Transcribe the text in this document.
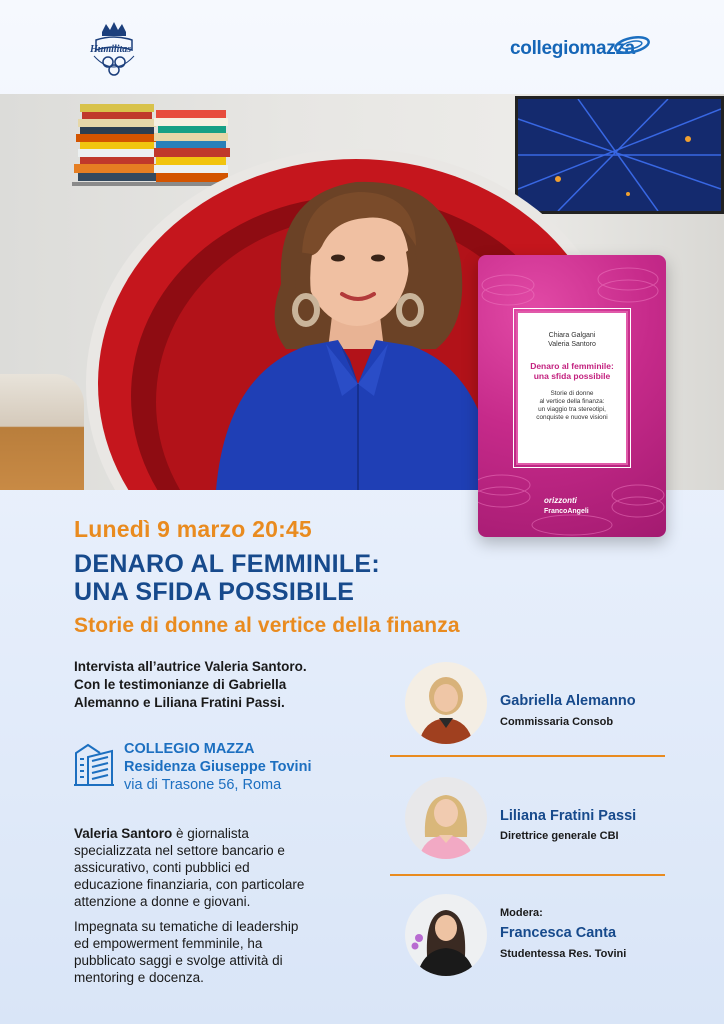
Humilitas	collegiomazza
Chiara Galgani
Valeria Santoro
Denaro al femminile:
una sfida possibile
Storie di donne
al vertice della finanza:
un viaggio tra stereotipi,
conquiste e nuove visioni
orizzonti
FrancoAngeli
Lunedì 9 marzo 20:45
DENARO AL FEMMINILE:
UNA SFIDA POSSIBILE
Storie di donne al vertice della finanza
Intervista all’autrice Valeria Santoro.
Con le testimonianze di Gabriella
Alemanno e Liliana Fratini Passi.
COLLEGIO MAZZA
Residenza Giuseppe Tovini
via di Trasone 56, Roma
Valeria Santoro è giornalista
specializzata nel settore bancario e
assicurativo, conti pubblici ed
educazione finanziaria, con particolare
attenzione a donne e giovani.
Impegnata su tematiche di leadership
ed empowerment femminile, ha
pubblicato saggi e svolge attività di
mentoring e docenza.
Gabriella Alemanno
Commissaria Consob
Liliana Fratini Passi
Direttrice generale CBI
Modera:
Francesca Canta
Studentessa Res. Tovini
